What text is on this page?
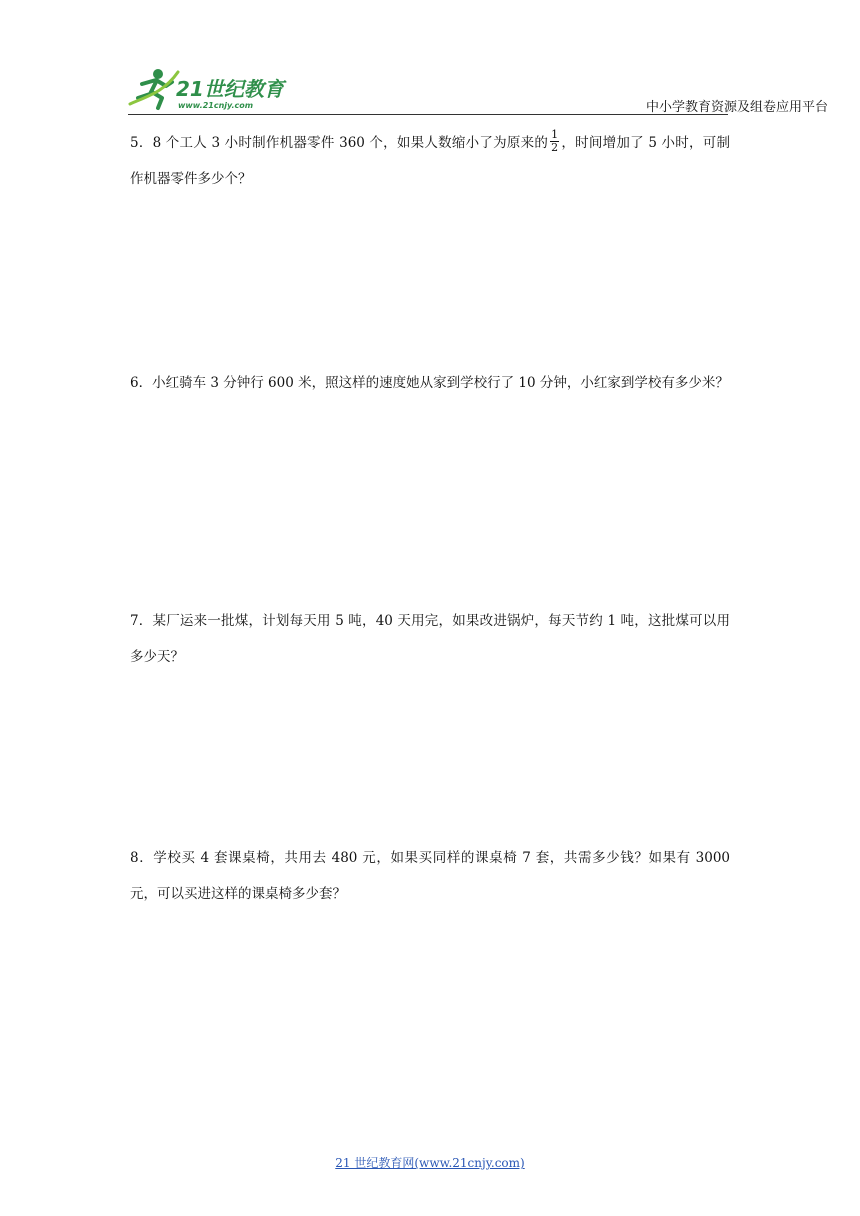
21世纪教育
www.21cnjy.com	中小学教育资源及组卷应用平台
5．8 个工人 3 小时制作机器零件 360 个，如果人数缩小了为原来的 $\frac{1}{2}$ ，时间增加了 5 小时，可制作机器零件多少个？
6．小红骑车 3 分钟行 600 米，照这样的速度她从家到学校行了 10 分钟，小红家到学校有多少米？
7．某厂运来一批煤，计划每天用 5 吨，40 天用完，如果改进锅炉，每天节约 1 吨，这批煤可以用多少天？
8．学校买 4 套课桌椅，共用去 480 元，如果买同样的课桌椅 7 套，共需多少钱？如果有 3000 元，可以买进这样的课桌椅多少套？
21 世纪教育网(www.21cnjy.com)
